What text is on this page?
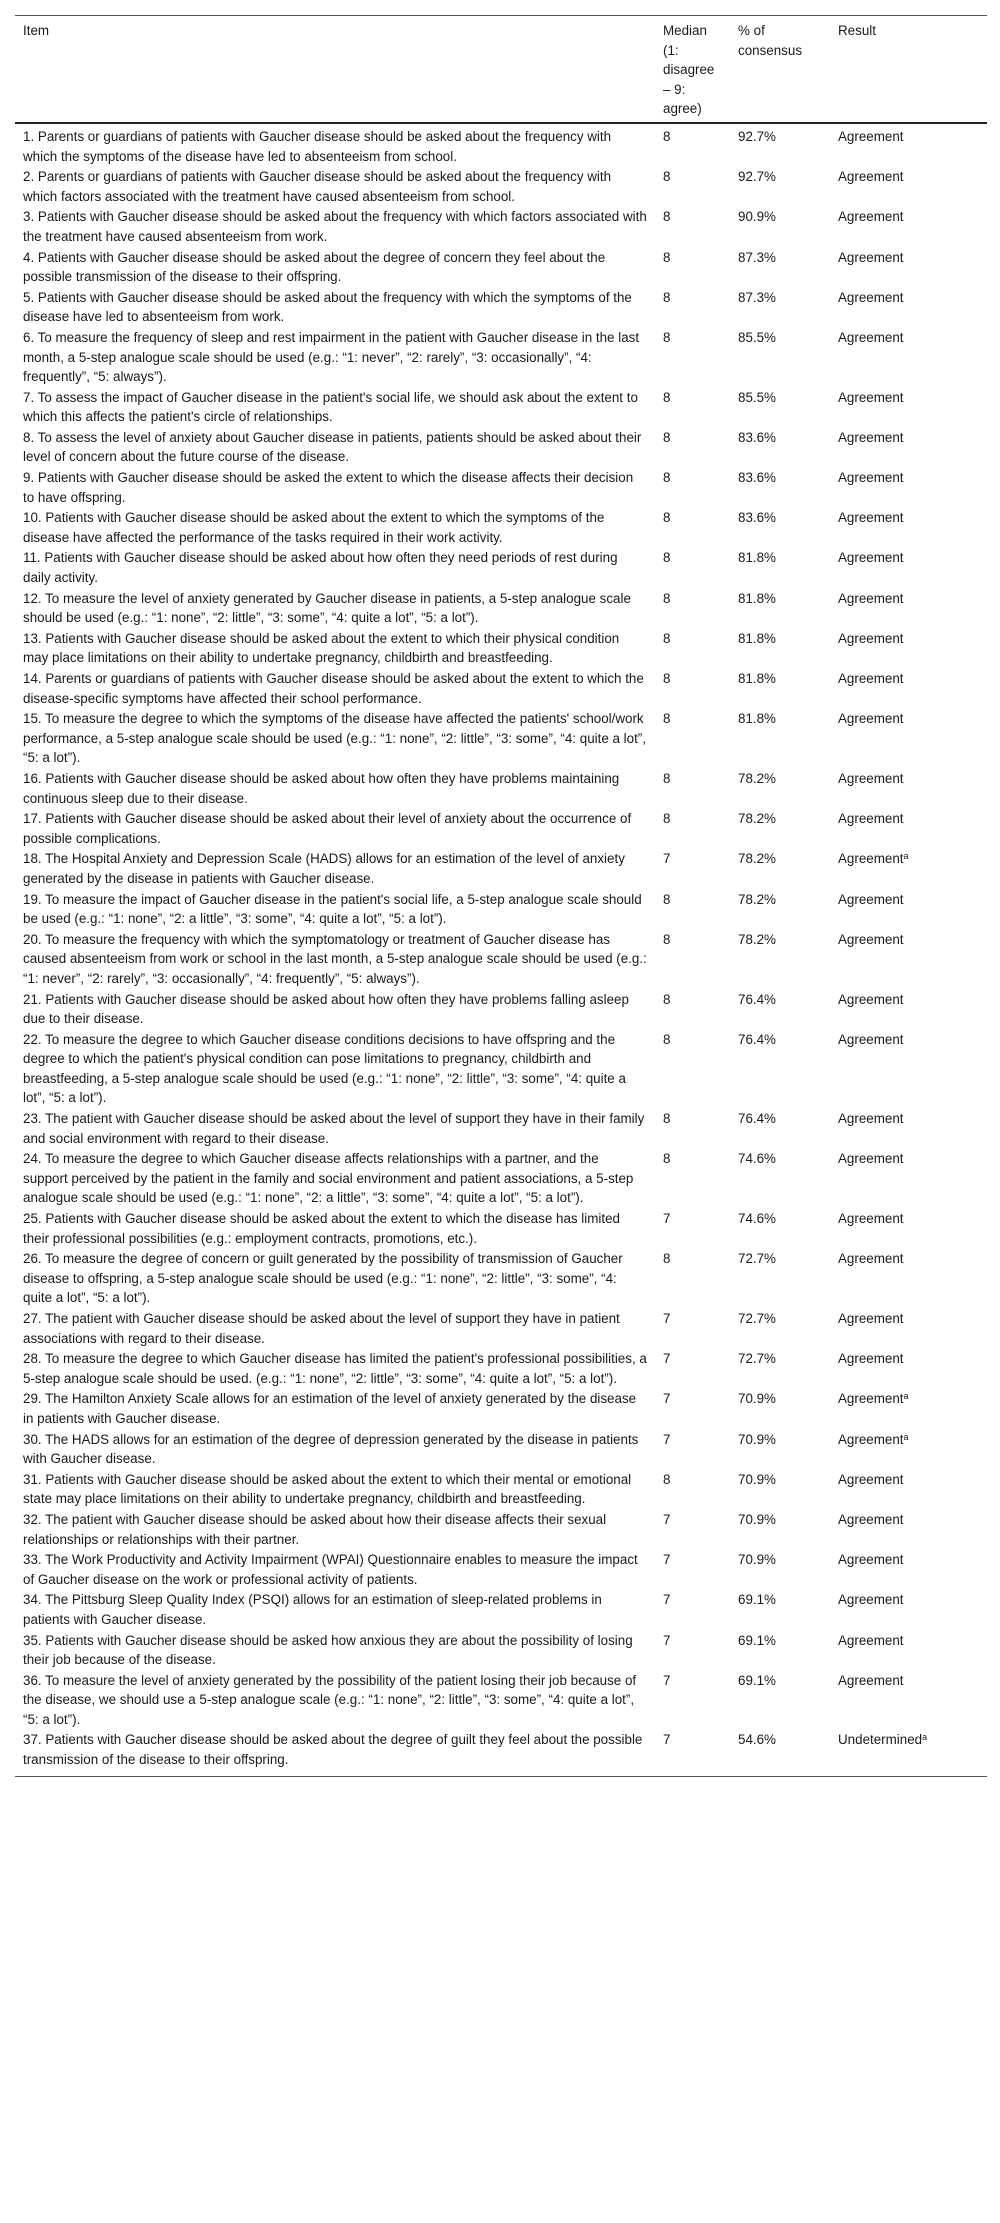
Item	Median (1: disagree – 9: agree)	% of consensus	Result
1. Parents or guardians of patients with Gaucher disease should be asked about the frequency with which the symptoms of the disease have led to absenteeism from school.	8	92.7%	Agreement
2. Parents or guardians of patients with Gaucher disease should be asked about the frequency with which factors associated with the treatment have caused absenteeism from school.	8	92.7%	Agreement
3. Patients with Gaucher disease should be asked about the frequency with which factors associated with the treatment have caused absenteeism from work.	8	90.9%	Agreement
4. Patients with Gaucher disease should be asked about the degree of concern they feel about the possible transmission of the disease to their offspring.	8	87.3%	Agreement
5. Patients with Gaucher disease should be asked about the frequency with which the symptoms of the disease have led to absenteeism from work.	8	87.3%	Agreement
6. To measure the frequency of sleep and rest impairment in the patient with Gaucher disease in the last month, a 5-step analogue scale should be used (e.g.: “1: never”, “2: rarely”, “3: occasionally”, “4: frequently”, “5: always”).	8	85.5%	Agreement
7. To assess the impact of Gaucher disease in the patient's social life, we should ask about the extent to which this affects the patient's circle of relationships.	8	85.5%	Agreement
8. To assess the level of anxiety about Gaucher disease in patients, patients should be asked about their level of concern about the future course of the disease.	8	83.6%	Agreement
9. Patients with Gaucher disease should be asked the extent to which the disease affects their decision to have offspring.	8	83.6%	Agreement
10. Patients with Gaucher disease should be asked about the extent to which the symptoms of the disease have affected the performance of the tasks required in their work activity.	8	83.6%	Agreement
11. Patients with Gaucher disease should be asked about how often they need periods of rest during daily activity.	8	81.8%	Agreement
12. To measure the level of anxiety generated by Gaucher disease in patients, a 5-step analogue scale should be used (e.g.: “1: none”, “2: little”, “3: some”, “4: quite a lot”, “5: a lot”).	8	81.8%	Agreement
13. Patients with Gaucher disease should be asked about the extent to which their physical condition may place limitations on their ability to undertake pregnancy, childbirth and breastfeeding.	8	81.8%	Agreement
14. Parents or guardians of patients with Gaucher disease should be asked about the extent to which the disease-specific symptoms have affected their school performance.	8	81.8%	Agreement
15. To measure the degree to which the symptoms of the disease have affected the patients' school/work performance, a 5-step analogue scale should be used (e.g.: “1: none”, “2: little”, “3: some”, “4: quite a lot”, “5: a lot”).	8	81.8%	Agreement
16. Patients with Gaucher disease should be asked about how often they have problems maintaining continuous sleep due to their disease.	8	78.2%	Agreement
17. Patients with Gaucher disease should be asked about their level of anxiety about the occurrence of possible complications.	8	78.2%	Agreement
18. The Hospital Anxiety and Depression Scale (HADS) allows for an estimation of the level of anxiety generated by the disease in patients with Gaucher disease.	7	78.2%	Agreement$^a$
19. To measure the impact of Gaucher disease in the patient's social life, a 5-step analogue scale should be used (e.g.: “1: none”, “2: a little”, “3: some”, “4: quite a lot”, “5: a lot”).	8	78.2%	Agreement
20. To measure the frequency with which the symptomatology or treatment of Gaucher disease has caused absenteeism from work or school in the last month, a 5-step analogue scale should be used (e.g.: “1: never”, “2: rarely”, “3: occasionally”, “4: frequently”, “5: always”).	8	78.2%	Agreement
21. Patients with Gaucher disease should be asked about how often they have problems falling asleep due to their disease.	8	76.4%	Agreement
22. To measure the degree to which Gaucher disease conditions decisions to have offspring and the degree to which the patient's physical condition can pose limitations to pregnancy, childbirth and breastfeeding, a 5-step analogue scale should be used (e.g.: “1: none”, “2: little”, “3: some”, “4: quite a lot”, “5: a lot”).	8	76.4%	Agreement
23. The patient with Gaucher disease should be asked about the level of support they have in their family and social environment with regard to their disease.	8	76.4%	Agreement
24. To measure the degree to which Gaucher disease affects relationships with a partner, and the support perceived by the patient in the family and social environment and patient associations, a 5-step analogue scale should be used (e.g.: “1: none”, “2: a little”, “3: some”, “4: quite a lot”, “5: a lot”).	8	74.6%	Agreement
25. Patients with Gaucher disease should be asked about the extent to which the disease has limited their professional possibilities (e.g.: employment contracts, promotions, etc.).	7	74.6%	Agreement
26. To measure the degree of concern or guilt generated by the possibility of transmission of Gaucher disease to offspring, a 5-step analogue scale should be used (e.g.: “1: none”, “2: little”, “3: some”, “4: quite a lot”, “5: a lot”).	8	72.7%	Agreement
27. The patient with Gaucher disease should be asked about the level of support they have in patient associations with regard to their disease.	7	72.7%	Agreement
28. To measure the degree to which Gaucher disease has limited the patient's professional possibilities, a 5-step analogue scale should be used. (e.g.: “1: none”, “2: little”, “3: some”, “4: quite a lot”, “5: a lot”).	7	72.7%	Agreement
29. The Hamilton Anxiety Scale allows for an estimation of the level of anxiety generated by the disease in patients with Gaucher disease.	7	70.9%	Agreement$^a$
30. The HADS allows for an estimation of the degree of depression generated by the disease in patients with Gaucher disease.	7	70.9%	Agreement$^a$
31. Patients with Gaucher disease should be asked about the extent to which their mental or emotional state may place limitations on their ability to undertake pregnancy, childbirth and breastfeeding.	8	70.9%	Agreement
32. The patient with Gaucher disease should be asked about how their disease affects their sexual relationships or relationships with their partner.	7	70.9%	Agreement
33. The Work Productivity and Activity Impairment (WPAI) Questionnaire enables to measure the impact of Gaucher disease on the work or professional activity of patients.	7	70.9%	Agreement
34. The Pittsburg Sleep Quality Index (PSQI) allows for an estimation of sleep-related problems in patients with Gaucher disease.	7	69.1%	Agreement
35. Patients with Gaucher disease should be asked how anxious they are about the possibility of losing their job because of the disease.	7	69.1%	Agreement
36. To measure the level of anxiety generated by the possibility of the patient losing their job because of the disease, we should use a 5-step analogue scale (e.g.: “1: none”, “2: little”, “3: some”, “4: quite a lot”, “5: a lot”).	7	69.1%	Agreement
37. Patients with Gaucher disease should be asked about the degree of guilt they feel about the possible transmission of the disease to their offspring.	7	54.6%	Undetermined$^a$
